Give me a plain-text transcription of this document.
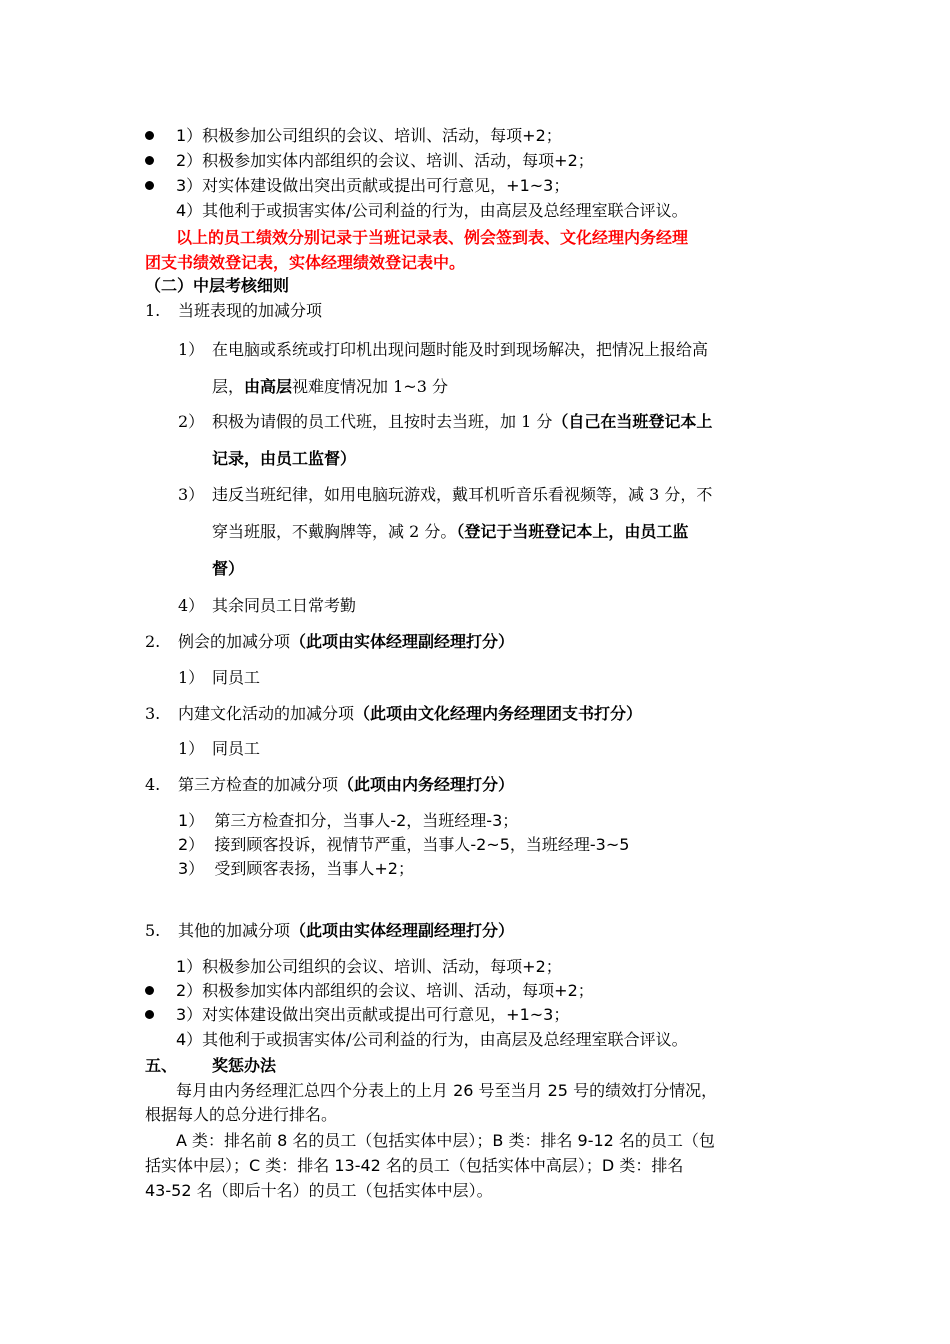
1）积极参加公司组织的会议、培训、活动，每项+2；
2）积极参加实体内部组织的会议、培训、活动，每项+2；
3）对实体建设做出突出贡献或提出可行意见，+1~3；
4）其他利于或损害实体/公司利益的行为，由高层及总经理室联合评议。
以上的员工绩效分别记录于当班记录表、例会签到表、文化经理内务经理
团支书绩效登记表，实体经理绩效登记表中。
（二）中层考核细则
1. 当班表现的加减分项
1） 在电脑或系统或打印机出现问题时能及时到现场解决，把情况上报给高
层，由高层视难度情况加 1~3 分
2） 积极为请假的员工代班，且按时去当班，加 1 分（自己在当班登记本上
记录，由员工监督）
3） 违反当班纪律，如用电脑玩游戏，戴耳机听音乐看视频等，减 3 分，不
穿当班服，不戴胸牌等，减 2 分。（登记于当班登记本上，由员工监
督）
4） 其余同员工日常考勤
2. 例会的加减分项（此项由实体经理副经理打分）
1） 同员工
3. 内建文化活动的加减分项（此项由文化经理内务经理团支书打分）
1） 同员工
4. 第三方检查的加减分项（此项由内务经理打分）
1）  第三方检查扣分，当事人-2，当班经理-3；
2）  接到顾客投诉，视情节严重，当事人-2~5，当班经理-3~5
3）  受到顾客表扬，当事人+2；
5. 其他的加减分项（此项由实体经理副经理打分）
1）积极参加公司组织的会议、培训、活动，每项+2；
2）积极参加实体内部组织的会议、培训、活动，每项+2；
3）对实体建设做出突出贡献或提出可行意见，+1~3；
4）其他利于或损害实体/公司利益的行为，由高层及总经理室联合评议。
五、 奖惩办法
每月由内务经理汇总四个分表上的上月 26 号至当月 25 号的绩效打分情况，
根据每人的总分进行排名。
A 类：排名前 8 名的员工（包括实体中层）；B 类：排名 9-12 名的员工（包
括实体中层）；C 类：排名 13-42 名的员工（包括实体中高层）；D 类：排名
43-52 名（即后十名）的员工（包括实体中层）。
